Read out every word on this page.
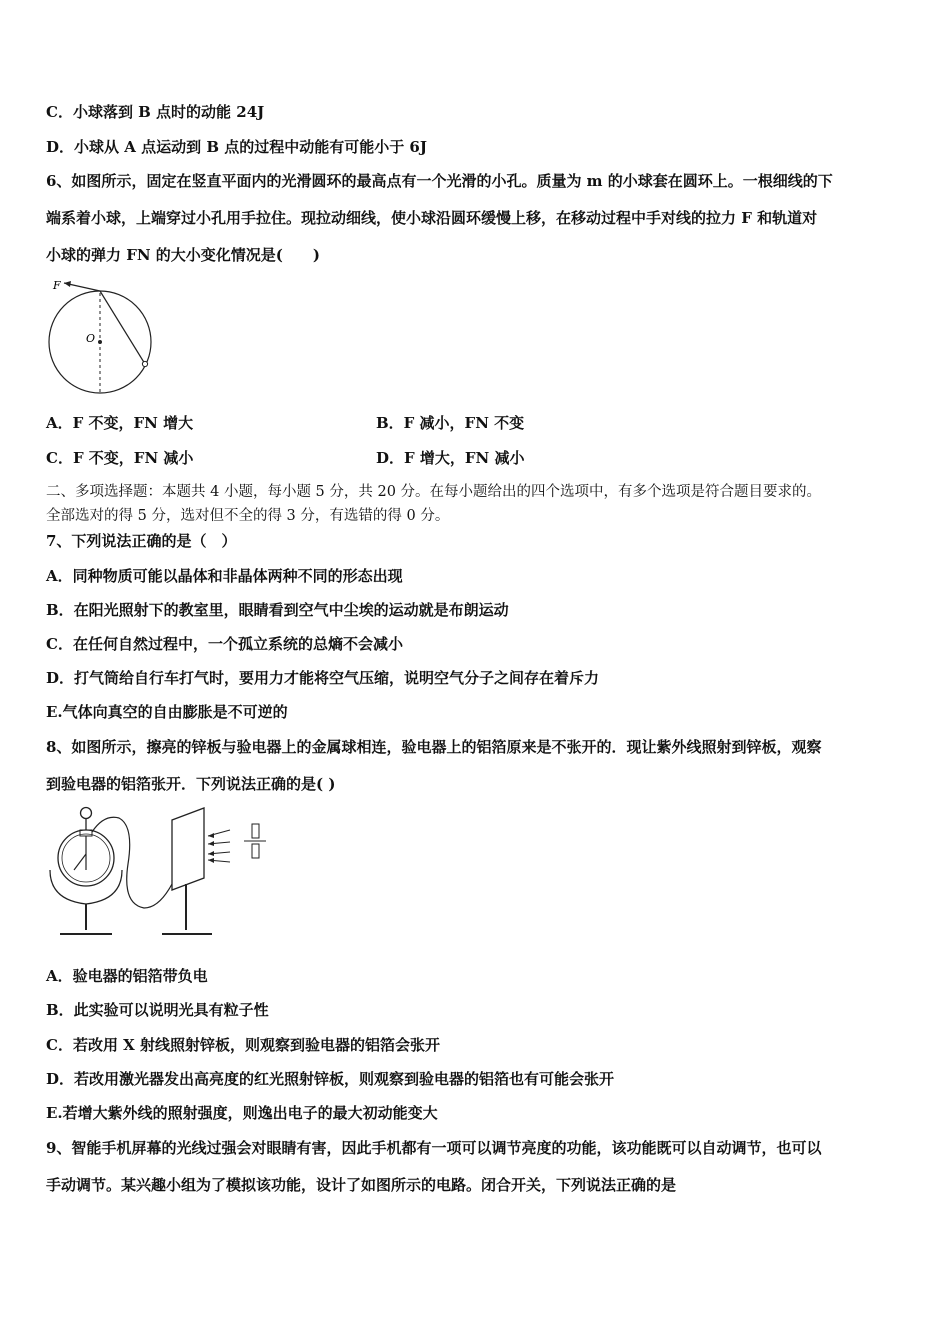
C．小球落到 B 点时的动能 24J
D．小球从 A 点运动到 B 点的过程中动能有可能小于 6J
6、如图所示，固定在竖直平面内的光滑圆环的最高点有一个光滑的小孔。质量为 m 的小球套在圆环上。一根细线的下
端系着小球，上端穿过小孔用手拉住。现拉动细线，使小球沿圆环缓慢上移，在移动过程中手对线的拉力 F 和轨道对
小球的弹力 FN 的大小变化情况是(　　)
F
O
A．F 不变，FN 增大	B．F 减小，FN 不变
C．F 不变，FN 减小	D．F 增大，FN 减小
二、多项选择题：本题共 4 小题，每小题 5 分，共 20 分。在每小题给出的四个选项中，有多个选项是符合题目要求的。
全部选对的得 5 分，选对但不全的得 3 分，有选错的得 0 分。
7、下列说法正确的是（　）
A．同种物质可能以晶体和非晶体两种不同的形态出现
B．在阳光照射下的教室里，眼睛看到空气中尘埃的运动就是布朗运动
C．在任何自然过程中，一个孤立系统的总熵不会减小
D．打气筒给自行车打气时，要用力才能将空气压缩，说明空气分子之间存在着斥力
E.气体向真空的自由膨胀是不可逆的
8、如图所示，擦亮的锌板与验电器上的金属球相连，验电器上的铝箔原来是不张开的．现让紫外线照射到锌板，观察
到验电器的铝箔张开．下列说法正确的是( )
A．验电器的铝箔带负电
B．此实验可以说明光具有粒子性
C．若改用 X 射线照射锌板，则观察到验电器的铝箔会张开
D．若改用激光器发出高亮度的红光照射锌板，则观察到验电器的铝箔也有可能会张开
E.若增大紫外线的照射强度，则逸出电子的最大初动能变大
9、智能手机屏幕的光线过强会对眼睛有害，因此手机都有一项可以调节亮度的功能，该功能既可以自动调节，也可以
手动调节。某兴趣小组为了模拟该功能，设计了如图所示的电路。闭合开关，下列说法正确的是
